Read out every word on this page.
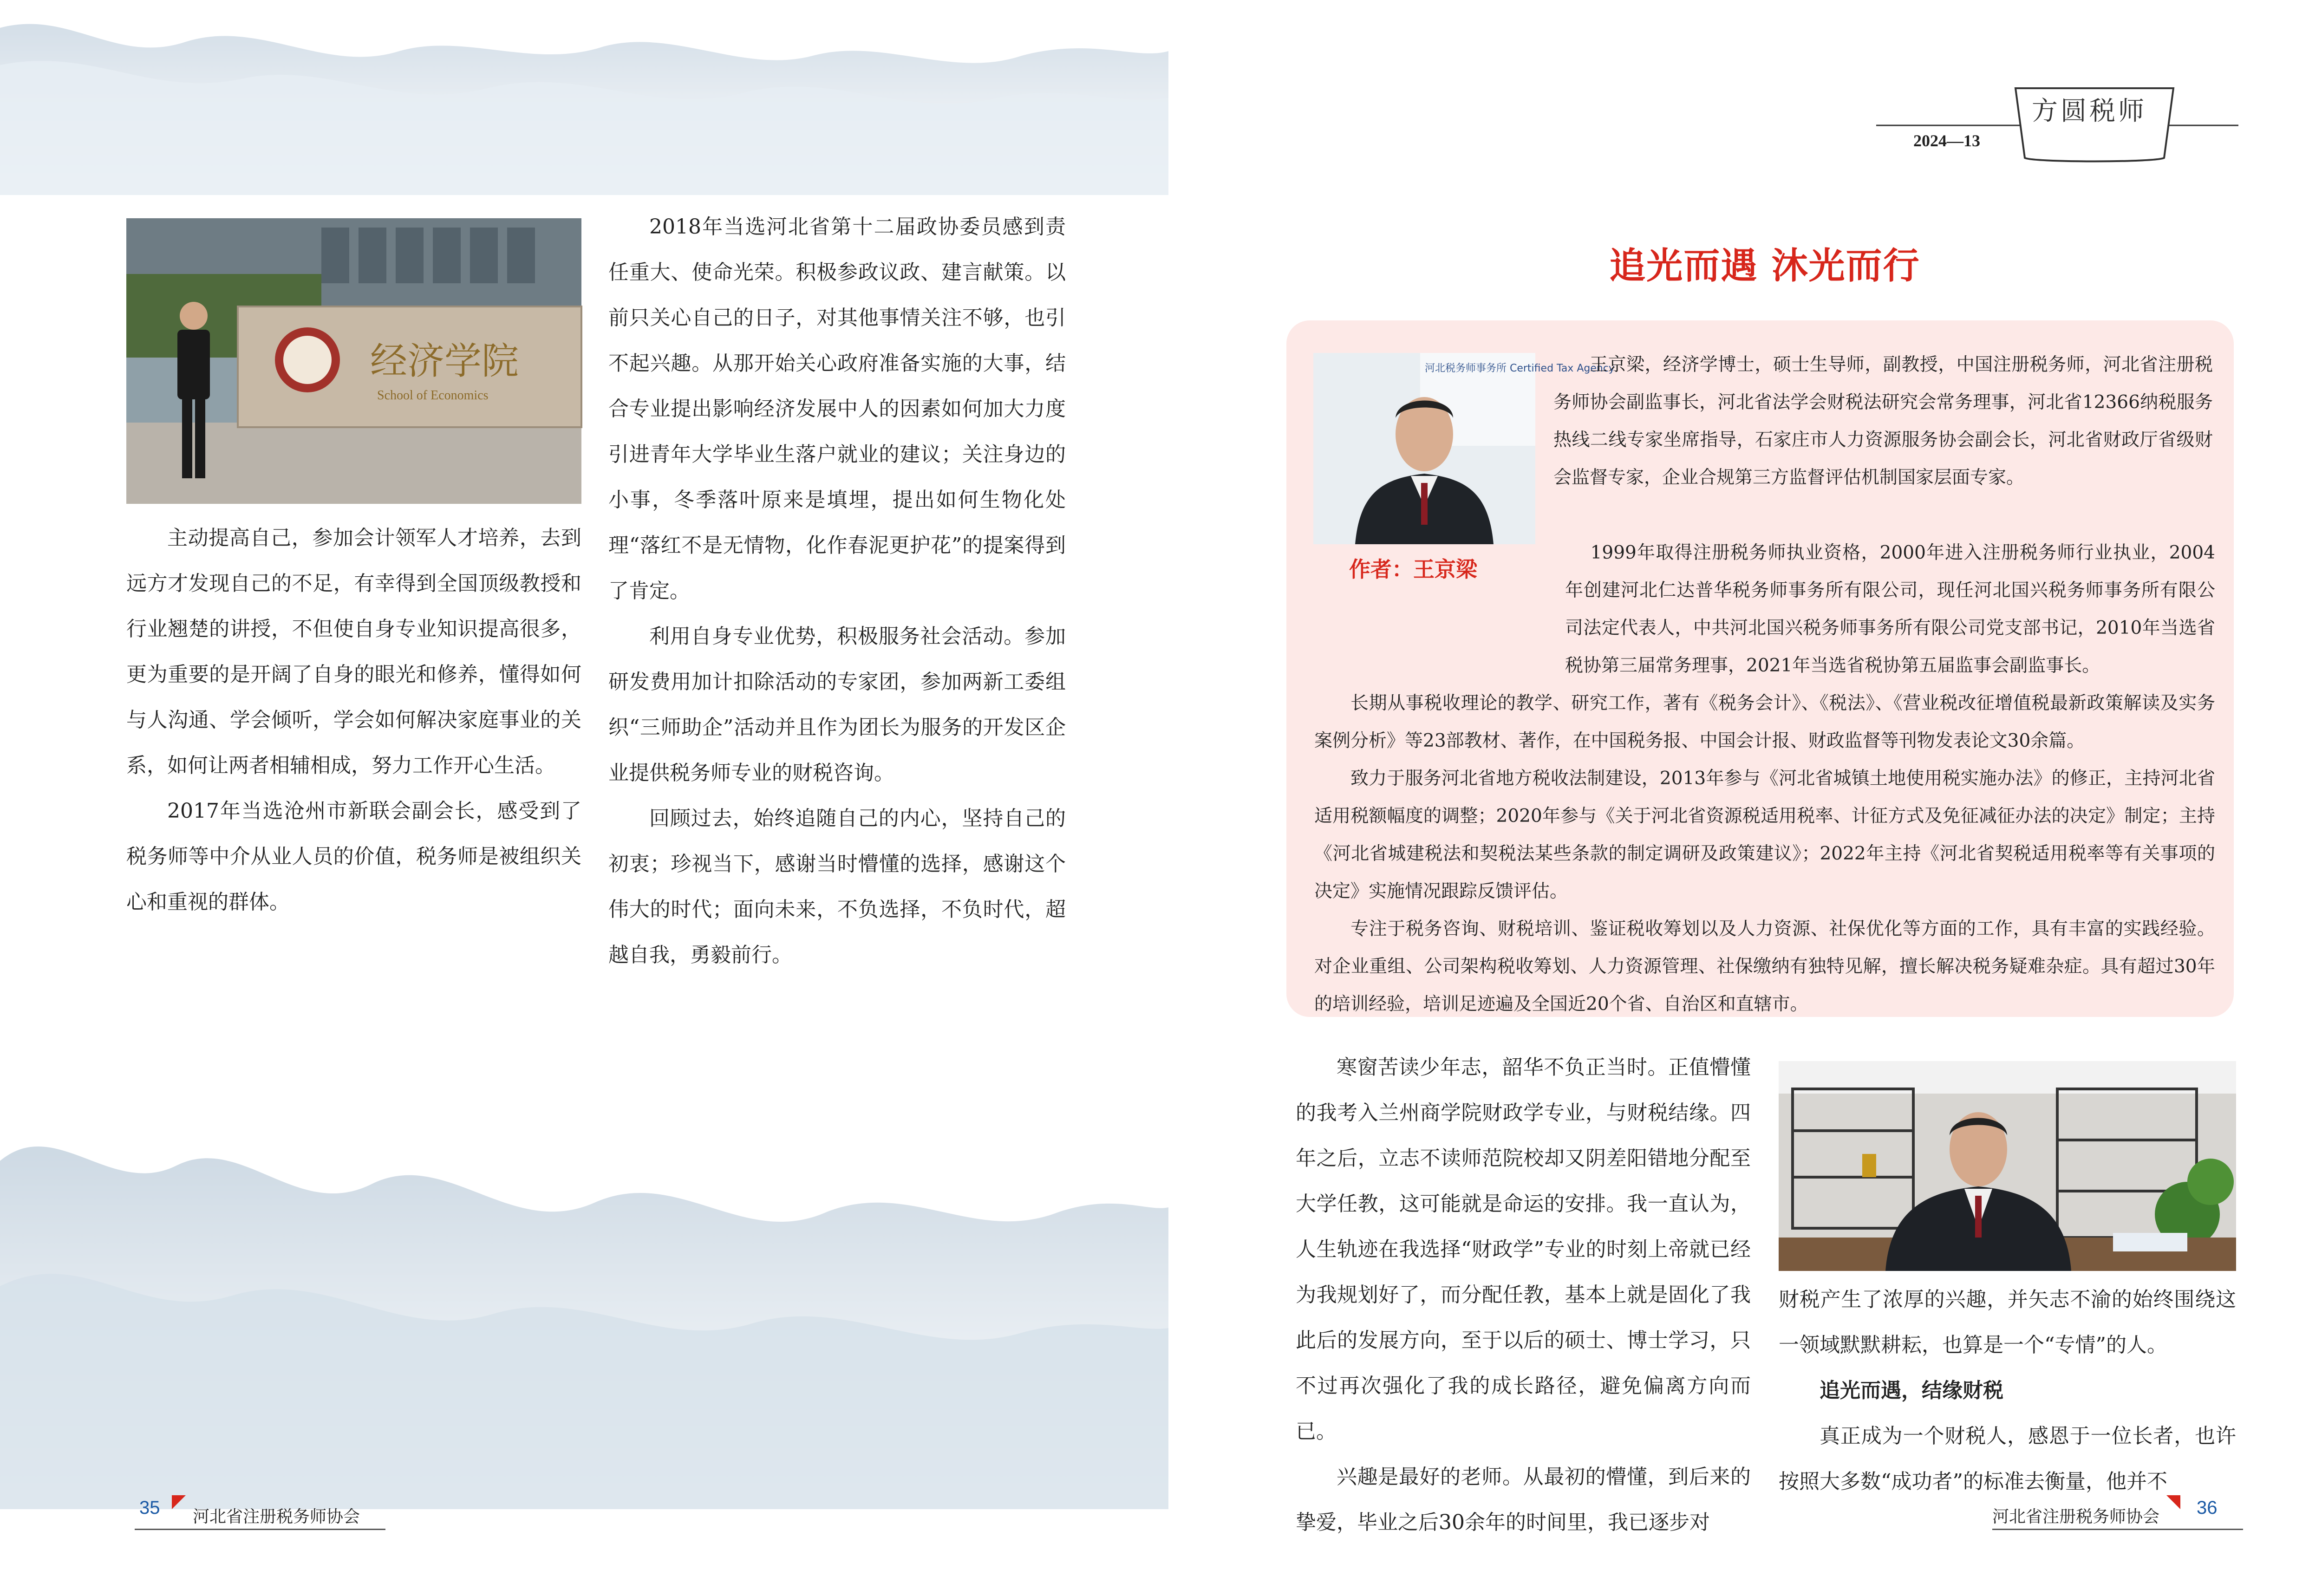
经济学院
School of Economics

主动提高自己，参加会计领军人才培养，去到远方才发现自己的不足，有幸得到全国顶级教授和行业翘楚的讲授，不但使自身专业知识提高很多，更为重要的是开阔了自身的眼光和修养，懂得如何与人沟通、学会倾听，学会如何解决家庭事业的关系，如何让两者相辅相成，努力工作开心生活。

2017年当选沧州市新联会副会长，感受到了税务师等中介从业人员的价值，税务师是被组织关心和重视的群体。

2018年当选河北省第十二届政协委员感到责任重大、使命光荣。积极参政议政、建言献策。以前只关心自己的日子，对其他事情关注不够，也引不起兴趣。从那开始关心政府准备实施的大事，结合专业提出影响经济发展中人的因素如何加大力度引进青年大学毕业生落户就业的建议；关注身边的小事，冬季落叶原来是填埋，提出如何生物化处理“落红不是无情物，化作春泥更护花”的提案得到了肯定。

利用自身专业优势，积极服务社会活动。参加研发费用加计扣除活动的专家团，参加两新工委组织“三师助企”活动并且作为团长为服务的开发区企业提供税务师专业的财税咨询。

回顾过去，始终追随自己的内心，坚持自己的初衷；珍视当下，感谢当时懵懂的选择，感谢这个伟大的时代；面向未来，不负选择，不负时代，超越自我，勇毅前行。

35 河北省注册税务师协会
方圆税师
2024—13
追光而遇 沐光而行
河北税务师事务所 Certified Tax Agency
作者：王京梁

王京梁，经济学博士，硕士生导师，副教授，中国注册税务师，河北省注册税务师协会副监事长，河北省法学会财税法研究会常务理事，河北省12366纳税服务热线二线专家坐席指导，石家庄市人力资源服务协会副会长，河北省财政厅省级财会监督专家，企业合规第三方监督评估机制国家层面专家。

1999年取得注册税务师执业资格，2000年进入注册税务师行业执业，2004年创建河北仁达普华税务师事务所有限公司，现任河北国兴税务师事务所有限公司法定代表人，中共河北国兴税务师事务所有限公司党支部书记，2010年当选省税协第三届常务理事，2021年当选省税协第五届监事会副监事长。

长期从事税收理论的教学、研究工作，著有《税务会计》、《税法》、《营业税改征增值税最新政策解读及实务案例分析》等23部教材、著作，在中国税务报、中国会计报、财政监督等刊物发表论文30余篇。

致力于服务河北省地方税收法制建设，2013年参与《河北省城镇土地使用税实施办法》的修正，主持河北省适用税额幅度的调整；2020年参与《关于河北省资源税适用税率、计征方式及免征减征办法的决定》制定；主持《河北省城建税法和契税法某些条款的制定调研及政策建议》；2022年主持《河北省契税适用税率等有关事项的决定》实施情况跟踪反馈评估。

专注于税务咨询、财税培训、鉴证税收筹划以及人力资源、社保优化等方面的工作，具有丰富的实践经验。对企业重组、公司架构税收筹划、人力资源管理、社保缴纳有独特见解，擅长解决税务疑难杂症。具有超过30年的培训经验，培训足迹遍及全国近20个省、自治区和直辖市。

寒窗苦读少年志，韶华不负正当时。正值懵懂的我考入兰州商学院财政学专业，与财税结缘。四年之后，立志不读师范院校却又阴差阳错地分配至大学任教，这可能就是命运的安排。我一直认为，人生轨迹在我选择“财政学”专业的时刻上帝就已经为我规划好了，而分配任教，基本上就是固化了我此后的发展方向，至于以后的硕士、博士学习，只不过再次强化了我的成长路径，避免偏离方向而已。

兴趣是最好的老师。从最初的懵懂，到后来的挚爱，毕业之后30余年的时间里，我已逐步对

财税产生了浓厚的兴趣，并矢志不渝的始终围绕这一领域默默耕耘，也算是一个“专情”的人。

追光而遇，结缘财税

真正成为一个财税人，感恩于一位长者，也许按照大多数“成功者”的标准去衡量，他并不

河北省注册税务师协会 36
